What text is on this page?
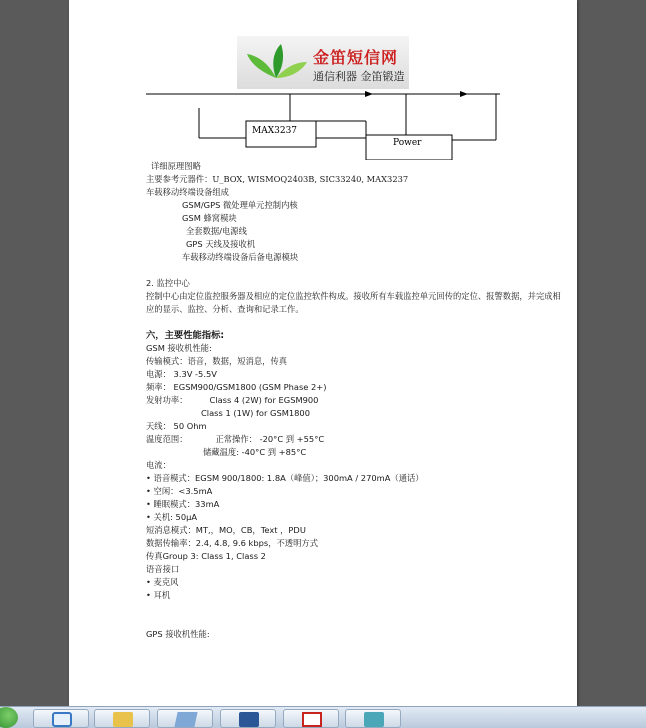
金笛短信网
通信利器 金笛锻造
MAX3237
Power
详细原理图略
主要参考元器件：U_BOX, WISMOQ2403B, SIC33240, MAX3237
车载移动终端设备组成
GSM/GPS 微处理单元控制内核
GSM 蜂窝模块
全套数据/电源线
GPS 天线及接收机
车载移动终端设备后备电源模块
2. 监控中心
控制中心由定位监控服务器及相应的定位监控软件构成。接收所有车载监控单元回传的定位、报警数据，并完成相应的显示、监控、分析、查询和记录工作。
六，主要性能指标:
GSM 接收机性能:
传输模式：语音，数据，短消息，传真
电源： 3.3V -5.5V
频率： EGSM900/GSM1800 (GSM Phase 2+)
发射功率：	Class 4 (2W) for EGSM900
Class 1 (1W) for GSM1800
天线： 50 Ohm
温度范围：	正常操作： -20°C 到 +55°C
储藏温度: -40°C 到 +85°C
电流：
• 语音模式：EGSM 900/1800: 1.8A（峰值）；300mA / 270mA（通话）
• 空闲：<3.5mA
• 睡眠模式：33mA
• 关机: 50μA
短消息模式：MT,，MO，CB，Text ，PDU
数据传输率：2.4, 4.8, 9.6 kbps，不透明方式
传真Group 3: Class 1, Class 2
语音接口
• 麦克风
• 耳机
GPS 接收机性能:
